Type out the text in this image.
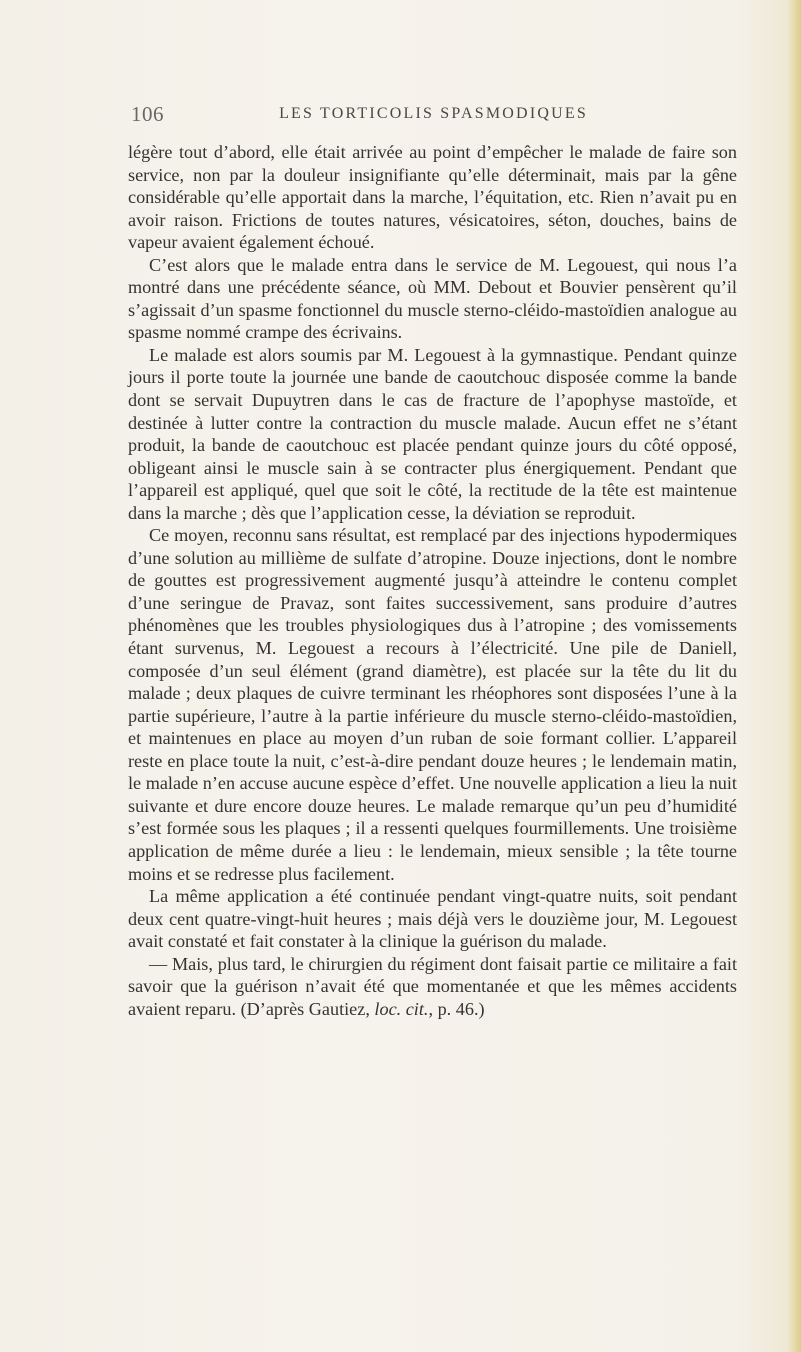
106	LES TORTICOLIS SPASMODIQUES

légère tout d’abord, elle était arrivée au point d’empêcher le malade de faire son service, non par la douleur insignifiante qu’elle déterminait, mais par la gêne considérable qu’elle apportait dans la marche, l’équitation, etc. Rien n’avait pu en avoir raison. Frictions de toutes natures, vésicatoires, séton, douches, bains de vapeur avaient également échoué.

C’est alors que le malade entra dans le service de M. Legouest, qui nous l’a montré dans une précédente séance, où MM. Debout et Bouvier pensèrent qu’il s’agissait d’un spasme fonctionnel du muscle sterno-cléido-mastoïdien analogue au spasme nommé crampe des écrivains.

Le malade est alors soumis par M. Legouest à la gymnastique. Pendant quinze jours il porte toute la journée une bande de caoutchouc disposée comme la bande dont se servait Dupuytren dans le cas de fracture de l’apophyse mastoïde, et destinée à lutter contre la contraction du muscle malade. Aucun effet ne s’étant produit, la bande de caoutchouc est placée pendant quinze jours du côté opposé, obligeant ainsi le muscle sain à se contracter plus énergiquement. Pendant que l’appareil est appliqué, quel que soit le côté, la rectitude de la tête est maintenue dans la marche ; dès que l’application cesse, la déviation se reproduit.

Ce moyen, reconnu sans résultat, est remplacé par des injections hypodermiques d’une solution au millième de sulfate d’atropine. Douze injections, dont le nombre de gouttes est progressivement augmenté jusqu’à atteindre le contenu complet d’une seringue de Pravaz, sont faites successivement, sans produire d’autres phénomènes que les troubles physiologiques dus à l’atropine ; des vomissements étant survenus, M. Legouest a recours à l’électricité. Une pile de Daniell, composée d’un seul élément (grand diamètre), est placée sur la tête du lit du malade ; deux plaques de cuivre terminant les rhéophores sont disposées l’une à la partie supérieure, l’autre à la partie inférieure du muscle sterno-cléido-mastoïdien, et maintenues en place au moyen d’un ruban de soie formant collier. L’appareil reste en place toute la nuit, c’est-à-dire pendant douze heures ; le lendemain matin, le malade n’en accuse aucune espèce d’effet. Une nouvelle application a lieu la nuit suivante et dure encore douze heures. Le malade remarque qu’un peu d’humidité s’est formée sous les plaques ; il a ressenti quelques fourmillements. Une troisième application de même durée a lieu : le lendemain, mieux sensible ; la tête tourne moins et se redresse plus facilement.

La même application a été continuée pendant vingt-quatre nuits, soit pendant deux cent quatre-vingt-huit heures ; mais déjà vers le douzième jour, M. Legouest avait constaté et fait constater à la clinique la guérison du malade.

— Mais, plus tard, le chirurgien du régiment dont faisait partie ce militaire a fait savoir que la guérison n’avait été que momentanée et que les mêmes accidents avaient reparu. (D’après Gautiez, loc. cit., p. 46.)
